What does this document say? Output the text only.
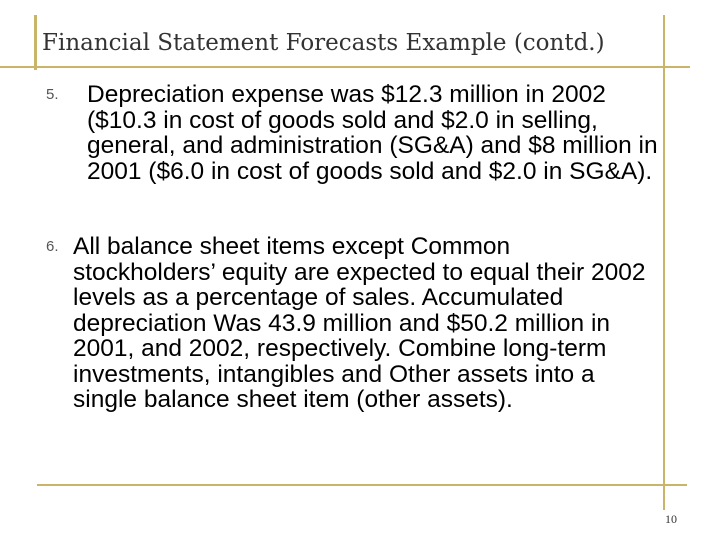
Financial Statement Forecasts Example (contd.)
5.	Depreciation expense was $12.3 million in 2002 ($10.3 in cost of goods sold and $2.0 in selling, general, and administration (SG&A) and $8 million in 2001 ($6.0 in cost of goods sold and $2.0 in SG&A).
6. All balance sheet items except Common stockholders’ equity are expected to equal their 2002 levels as a percentage of sales. Accumulated depreciation Was 43.9 million and $50.2 million in 2001, and 2002, respectively. Combine long-term investments, intangibles and Other assets into a single balance sheet item (other assets).
10
